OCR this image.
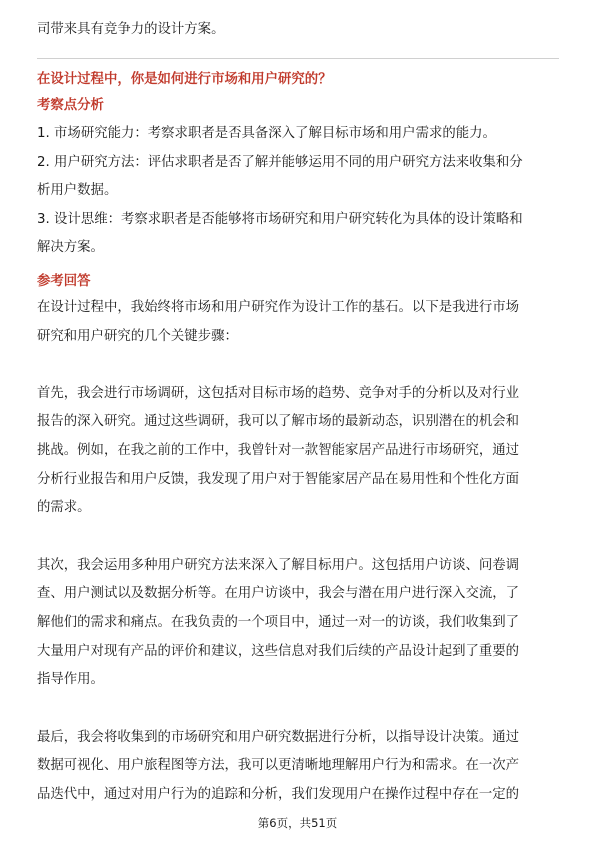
司带来具有竞争力的设计方案。
在设计过程中，你是如何进行市场和用户研究的？
考察点分析
1. 市场研究能力：考察求职者是否具备深入了解目标市场和用户需求的能力。
2. 用户研究方法：评估求职者是否了解并能够运用不同的用户研究方法来收集和分
析用户数据。
3. 设计思维：考察求职者是否能够将市场研究和用户研究转化为具体的设计策略和
解决方案。
参考回答
在设计过程中，我始终将市场和用户研究作为设计工作的基石。以下是我进行市场
研究和用户研究的几个关键步骤：
首先，我会进行市场调研，这包括对目标市场的趋势、竞争对手的分析以及对行业
报告的深入研究。通过这些调研，我可以了解市场的最新动态，识别潜在的机会和
挑战。例如，在我之前的工作中，我曾针对一款智能家居产品进行市场研究，通过
分析行业报告和用户反馈，我发现了用户对于智能家居产品在易用性和个性化方面
的需求。
其次，我会运用多种用户研究方法来深入了解目标用户。这包括用户访谈、问卷调
查、用户测试以及数据分析等。在用户访谈中，我会与潜在用户进行深入交流，了
解他们的需求和痛点。在我负责的一个项目中，通过一对一的访谈，我们收集到了
大量用户对现有产品的评价和建议，这些信息对我们后续的产品设计起到了重要的
指导作用。
最后，我会将收集到的市场研究和用户研究数据进行分析，以指导设计决策。通过
数据可视化、用户旅程图等方法，我可以更清晰地理解用户行为和需求。在一次产
品迭代中，通过对用户行为的追踪和分析，我们发现用户在操作过程中存在一定的
第6页，共51页
